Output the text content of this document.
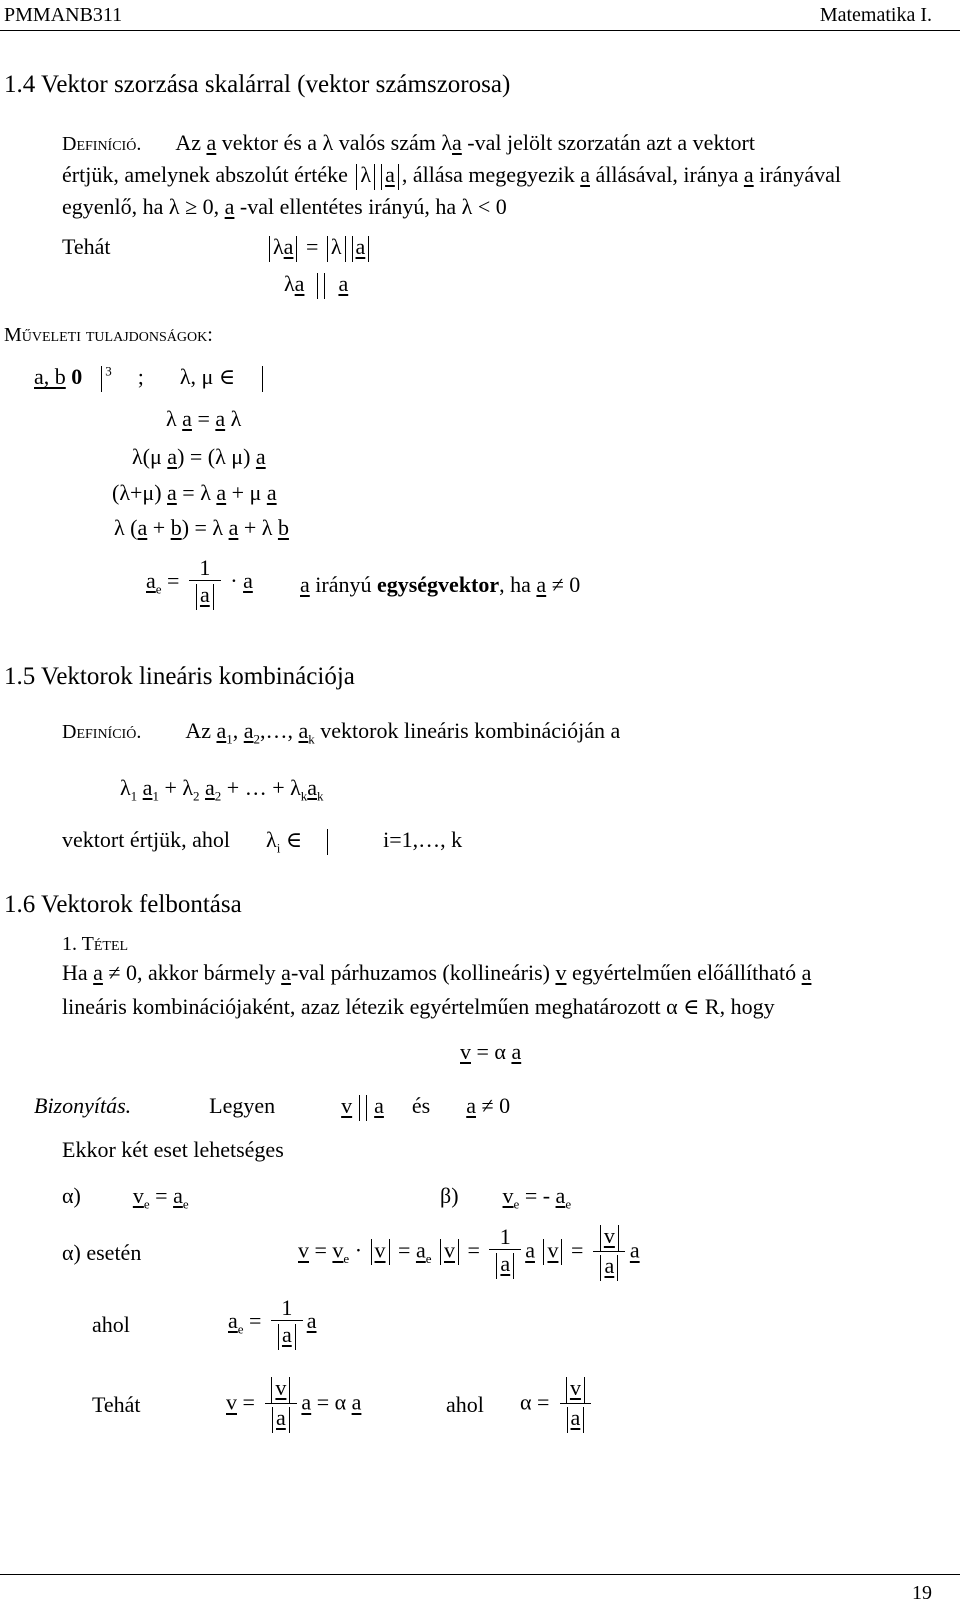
PMMANB311	Matematika I.
1.4 Vektor szorzása skalárral (vektor számszorosa)
Definíció. Az a vektor és a λ valós szám λa -val jelölt szorzatán azt a vektort
értjük, amelynek abszolút értéke λ a , állása megegyezik a állásával, iránya a irányával
egyenlő, ha λ ≥ 0, a -val ellentétes irányú, ha λ < 0
Tehát	λa = λ a
λa a
Műveleti tulajdonságok:
a, b 0 $^3$ ; λ, μ ∈
λ a = a λ
λ(μ a) = (λ μ) a
(λ+μ) a = λ a + μ a
λ (a + b) = λ a + λ b
$a_e = \frac{1}{a} \cdot a$ a irányú egységvektor, ha a ≠ 0
1.5 Vektorok lineáris kombinációja
Definíció. Az $a_1$, $a_2,\dots$, $a_k$ vektorok lineáris kombinációján a
$\lambda_1$ $a_1 + \lambda_2$ $a_2$ + … + $\lambda_ka_k$
vektort értjük, ahol $\lambda_i$ ∈	i=1,…, k
1.6 Vektorok felbontása
1. Tétel
Ha a ≠ 0, akkor bármely a-val párhuzamos (kollineáris) v egyértelműen előállítható a
lineáris kombinációjaként, azaz létezik egyértelműen meghatározott α ∈ R, hogy
v = α a
Bizonyítás.	Legyen	v a és a ≠ 0
Ekkor két eset lehetséges
α) $v_e = a_e$	β) $v_e$ = - $a_e$
α) esetén	$v = v_e \cdot v = a_e$ $v = \frac{1}{a}$ a $v = \frac{v}{a}$ a
ahol	$a_e = \frac{1}{a}$ a
Tehát	$v = \frac{v}{a}$ a = α a	ahol $\alpha = \frac{v}{a}$
19
